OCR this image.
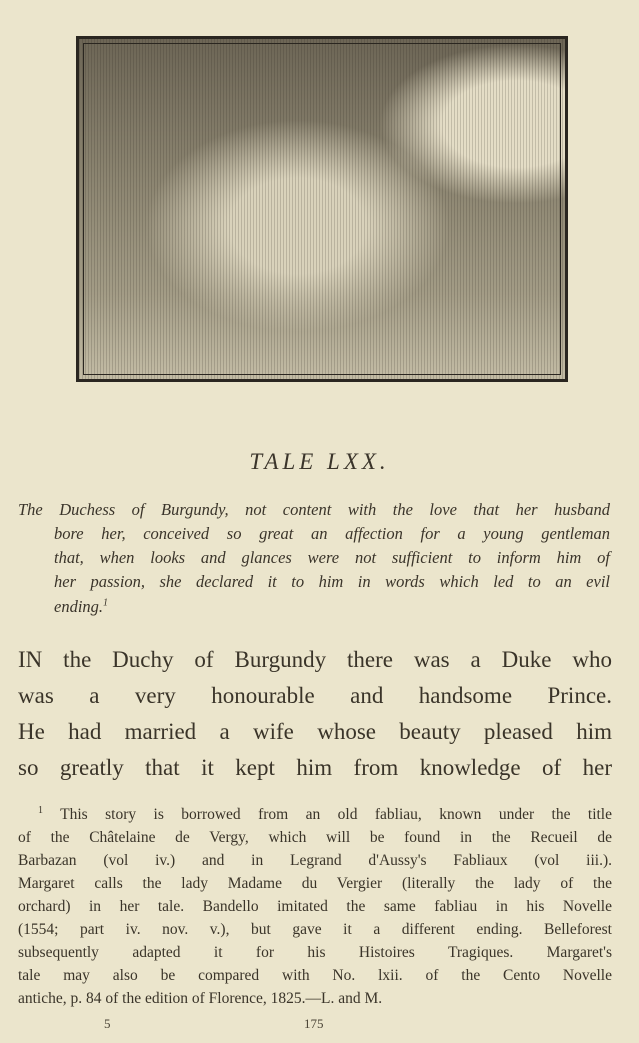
TALE LXX.
The Duchess of Burgundy, not content with the love that her husband
bore her, conceived so great an affection for a young gentleman
that, when looks and glances were not sufficient to inform him of
her passion, she declared it to him in words which led to an evil
ending.$^1$
IN the Duchy of Burgundy there was a Duke who
was a very honourable and handsome Prince.
He had married a wife whose beauty pleased him
so greatly that it kept him from knowledge of her
$^1$ This story is borrowed from an old fabliau, known under the title
of the Châtelaine de Vergy, which will be found in the Recueil de
Barbazan (vol iv.) and in Legrand d'Aussy's Fabliaux (vol iii.).
Margaret calls the lady Madame du Vergier (literally the lady of the
orchard) in her tale. Bandello imitated the same fabliau in his Novelle
(1554; part iv. nov. v.), but gave it a different ending. Belleforest
subsequently adapted it for his Histoires Tragiques. Margaret's
tale may also be compared with No. lxii. of the Cento Novelle
antiche, p. 84 of the edition of Florence, 1825.—L. and M.
5	175
